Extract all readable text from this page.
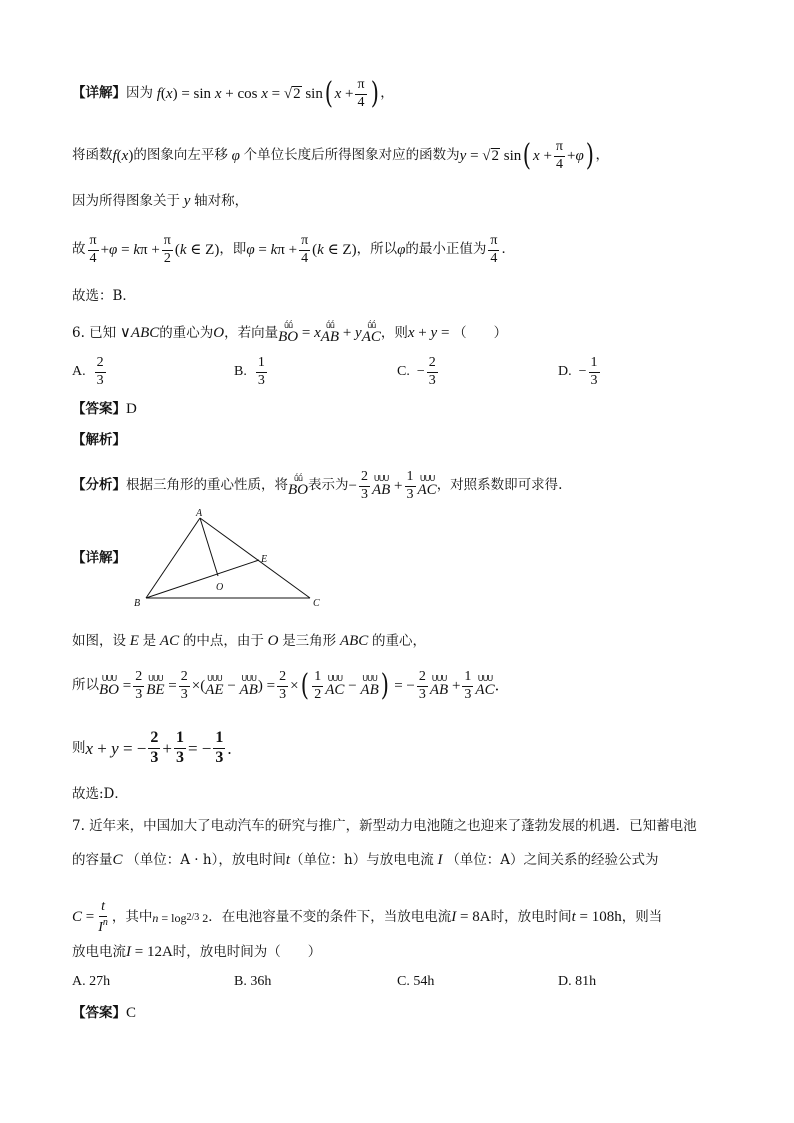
【详解】 因为 f ( x ) = sin x + cos x = √ 2 sin ( $x + \frac{\pi}{4}$ ) ，
将函数 f ( x ) 的图象向左平移 φ 个单位长度后所得图象对应的函数为 y = √ 2 sin ( $x + \frac{\pi}{4} + \varphi$ ) ，
因为所得图象关于 y 轴对称，
故 $\frac{\pi}{4} + \varphi = k$ $\pi + \frac{\pi}{2}$ ( k ∈ Z) ，即 φ = k $\pi + \frac{\pi}{4}$ ( k ∈ Z) ，所以 φ 的最小正值为 $\frac{\pi}{4}$ ．
故选：B．
6. 已知 ∨ ABC 的重心为 O ，若向量 ṹṹ
BO = x ṹṹ
AB + y ṹṹ
AC ，则 x + y = （　　）
A.
$\frac{2}{3}$	B.
$\frac{1}{3}$	C. − $\frac{2}{3}$	D. − $\frac{1}{3}$
【答案】 D
【解析】
【分析】 根据三角形的重心性质，将 ṹṹ
BO 表示为 − $\frac{2}{3}$ UUU
AB + $\frac{1}{3}$ UUU
AC ，对照系数即可求得.
【详解】
A
B	C
E
O
如图，设 E 是 AC 的中点，由于 O 是三角形 ABC 的重心，
所以 UUU
BO = $\frac{2}{3}$ UUU
BE = $\frac{2}{3}$ ×( UUU
AE − UUU
AB ) = $\frac{2}{3}$ × ( $\frac{1}{2}$ UUU
AC − UUU
AB ) = − $\frac{2}{3}$ UUU
AB + $\frac{1}{3}$ UUU
AC ．
则 x + y = − $\frac{2}{3} + \frac{1}{3}$ = − $\frac{1}{3}$ .
故选:D．
7. 近年来，中国加大了电动汽车的研究与推广，新型动力电池随之也迎来了蓬勃发展的机遇．已知蓄电池
的容量 C （单位：A · h），放电时间 t （单位：h）与放电电流 I （单位：A）之间关系的经验公式为
$C = \frac{t}{I^n}$ ，其中 n = log 2/3 2 ．在电池容量不变的条件下，当放电电流 I = 8A 时，放电时间 t = 108h ，则当
放电电流 I = 12A 时，放电时间为（　　）
A. 27h	B. 36h	C. 54h	D. 81h
【答案】 C
